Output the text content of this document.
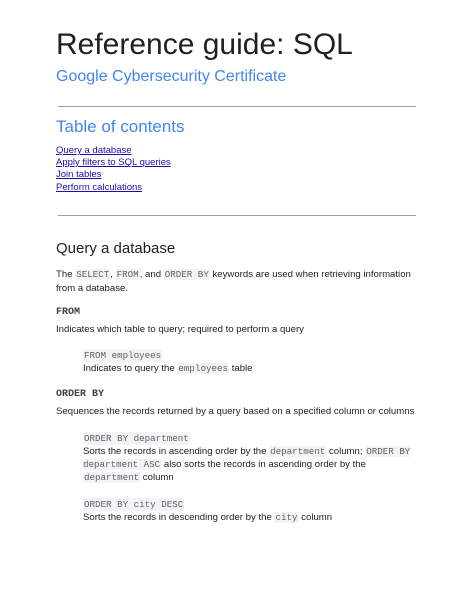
Reference guide: SQL
Google Cybersecurity Certificate
Table of contents
Query a database
Apply filters to SQL queries
Join tables
Perform calculations
Query a database
The SELECT, FROM, and ORDER BY keywords are used when retrieving information from a database.
FROM
Indicates which table to query; required to perform a query
FROM employees
Indicates to query the employees table
ORDER BY
Sequences the records returned by a query based on a specified column or columns
ORDER BY department
Sorts the records in ascending order by the department column; ORDER BY department ASC also sorts the records in ascending order by the department column
ORDER BY city DESC
Sorts the records in descending order by the city column
